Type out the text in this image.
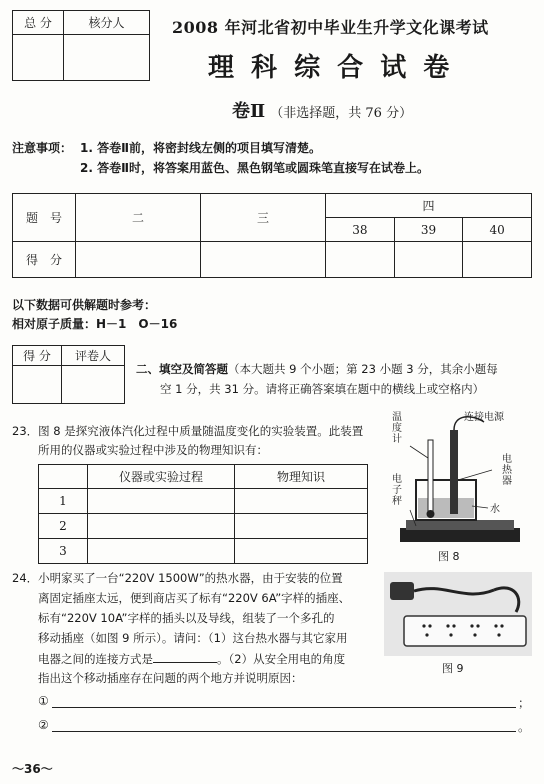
总 分	核分人
		2008 年河北省初中毕业生升学文化课考试
理 科 综 合 试 卷
卷Ⅱ （非选择题，共 76 分）
注意事项： 1. 答卷Ⅱ前，将密封线左侧的项目填写清楚。
2. 答卷Ⅱ时，将答案用蓝色、黑色钢笔或圆珠笔直接写在试卷上。
题　号	二	三	四		
			38	39	40
得　分					
以下数据可供解题时参考：
相对原子质量：H－1　O－16
得 分	评卷人

二、填空及简答题（本大题共 9 个小题；第 23 小题 3 分，其余小题每
空 1 分，共 31 分。请将正确答案填在题中的横线上或空格内）
23．图 8 是探究液体汽化过程中质量随温度变化的实验装置。此装置
所用的仪器或实验过程中涉及的物理知识有：
	仪器或实验过程	物理知识
1		
2		
3		
温度计
连接电源
电热器
电子秤
水
图 8
24．小明家买了一台“220V 1500W”的热水器，由于安装的位置
离固定插座太远，便到商店买了标有“220V 6A”字样的插座、
标有“220V 10A”字样的插头以及导线，组装了一个多孔的
移动插座（如图 9 所示）。请问：（1）这台热水器与其它家用
电器之间的连接方式是	。（2）从安全用电的角度
指出这个移动插座存在问题的两个地方并说明原因：
图 9
①	；
②	。
～36～
